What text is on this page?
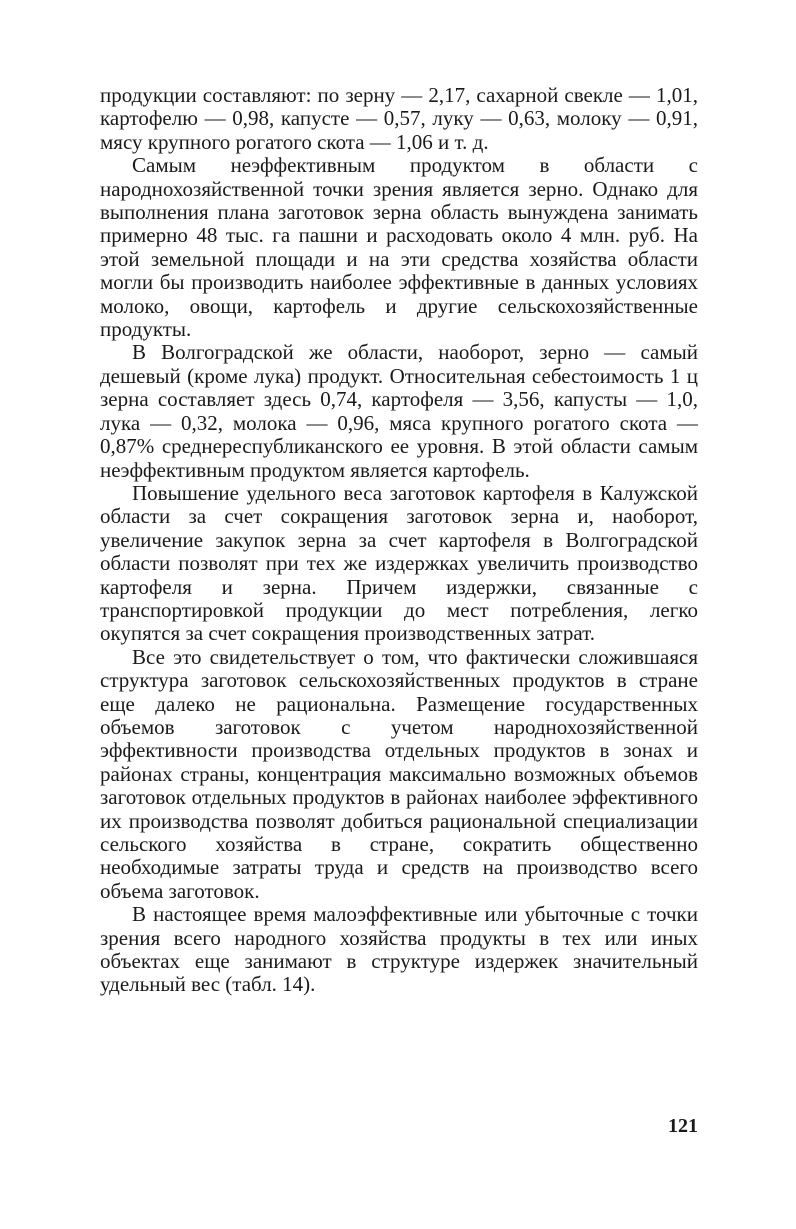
продукции составляют: по зерну — 2,17, сахарной свекле — 1,01, картофелю — 0,98, капусте — 0,57, луку — 0,63, молоку — 0,91, мясу крупного рогатого скота — 1,06 и т. д.

Самым неэффективным продуктом в области с народнохозяйственной точки зрения является зерно. Однако для выполнения плана заготовок зерна область вынуждена занимать примерно 48 тыс. га пашни и расходовать около 4 млн. руб. На этой земельной площади и на эти средства хозяйства области могли бы производить наиболее эффективные в данных условиях молоко, овощи, картофель и другие сельскохозяйственные продукты.

В Волгоградской же области, наоборот, зерно — самый дешевый (кроме лука) продукт. Относительная себестоимость 1 ц зерна составляет здесь 0,74, картофеля — 3,56, капусты — 1,0, лука — 0,32, молока — 0,96, мяса крупного рогатого скота — 0,87% среднереспубликанского ее уровня. В этой области самым неэффективным продуктом является картофель.

Повышение удельного веса заготовок картофеля в Калужской области за счет сокращения заготовок зерна и, наоборот, увеличение закупок зерна за счет картофеля в Волгоградской области позволят при тех же издержках увеличить производство картофеля и зерна. Причем издержки, связанные с транспортировкой продукции до мест потребления, легко окупятся за счет сокращения производственных затрат.

Все это свидетельствует о том, что фактически сложившаяся структура заготовок сельскохозяйственных продуктов в стране еще далеко не рациональна. Размещение государственных объемов заготовок с учетом народнохозяйственной эффективности производства отдельных продуктов в зонах и районах страны, концентрация максимально возможных объемов заготовок отдельных продуктов в районах наиболее эффективного их производства позволят добиться рациональной специализации сельского хозяйства в стране, сократить общественно необходимые затраты труда и средств на производство всего объема заготовок.

В настоящее время малоэффективные или убыточные с точки зрения всего народного хозяйства продукты в тех или иных объектах еще занимают в структуре издержек значительный удельный вес (табл. 14).

121
